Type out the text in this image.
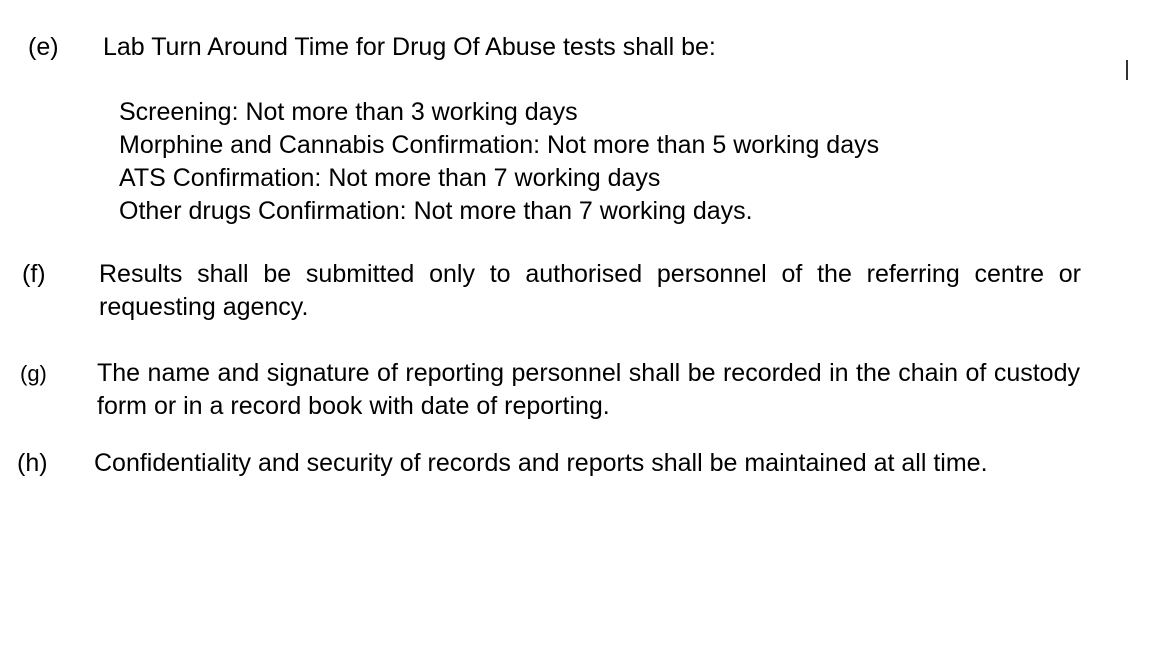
(e) Lab Turn Around Time for Drug Of Abuse tests shall be:
Screening: Not more than 3 working days
Morphine and Cannabis Confirmation: Not more than 5 working days
ATS Confirmation: Not more than 7 working days
Other drugs Confirmation: Not more than 7 working days.
(f) Results shall be submitted only to authorised personnel of the referring centre or requesting agency.
(g) The name and signature of reporting personnel shall be recorded in the chain of custody form or in a record book with date of reporting.
(h) Confidentiality and security of records and reports shall be maintained at all time.
